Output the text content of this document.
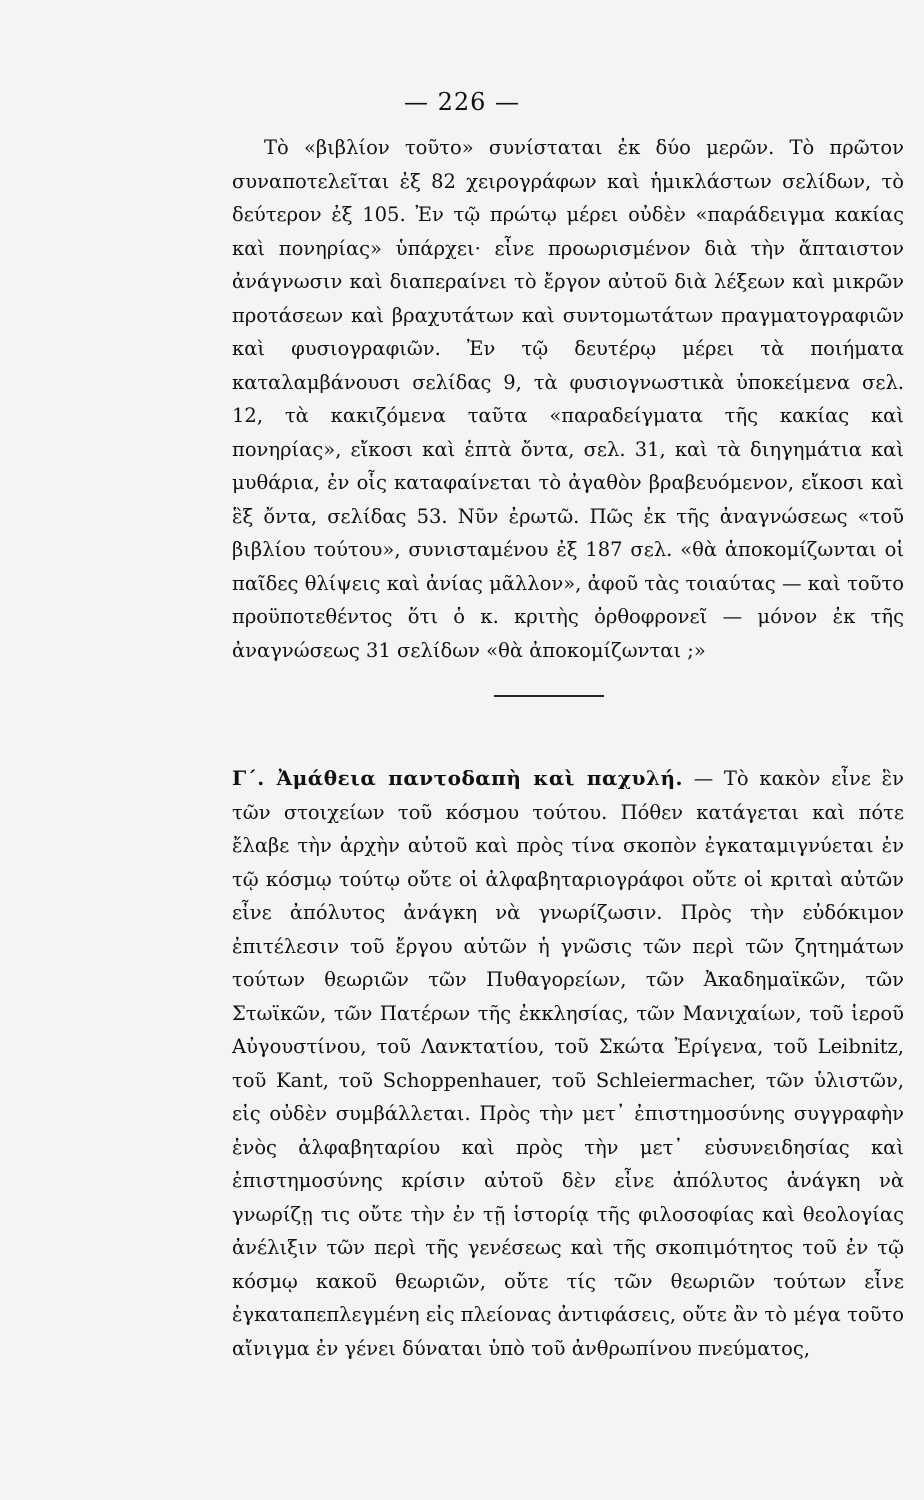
— 226 —

Τὸ «βιβλίον τοῦτο» συνίσταται ἐκ δύο μερῶν. Τὸ πρῶτον συναποτελεῖται ἐξ 82 χειρογράφων καὶ ἡμικλάστων σελίδων, τὸ δεύτερον ἐξ 105. Ἐν τῷ πρώτῳ μέρει οὐδὲν «παράδειγμα κακίας καὶ πονηρίας» ὑπάρχει· εἶνε προωρισμένον διὰ τὴν ἄπταιστον ἀνάγνωσιν καὶ διαπεραίνει τὸ ἔργον αὐτοῦ διὰ λέξεων καὶ μικρῶν προτάσεων καὶ βραχυτάτων καὶ συντομωτάτων πραγματογραφιῶν καὶ φυσιογραφιῶν. Ἐν τῷ δευτέρῳ μέρει τὰ ποιήματα καταλαμβάνουσι σελίδας 9, τὰ φυσιογνωστικὰ ὑποκείμενα σελ. 12, τὰ κακιζόμενα ταῦτα «παραδείγματα τῆς κακίας καὶ πονηρίας», εἴκοσι καὶ ἑπτὰ ὄντα, σελ. 31, καὶ τὰ διηγημάτια καὶ μυθάρια, ἐν οἷς καταφαίνεται τὸ ἀγαθὸν βραβευόμενον, εἴκοσι καὶ ἓξ ὄντα, σελίδας 53. Νῦν ἐρωτῶ. Πῶς ἐκ τῆς ἀναγνώσεως «τοῦ βιβλίου τούτου», συνισταμένου ἐξ 187 σελ. «θὰ ἀποκομίζωνται οἱ παῖδες θλίψεις καὶ ἀνίας μᾶλλον», ἀφοῦ τὰς τοιαύτας — καὶ τοῦτο προϋποτεθέντος ὅτι ὁ κ. κριτὴς ὀρθοφρονεῖ — μόνον ἐκ τῆς ἀναγνώσεως 31 σελίδων «θὰ ἀποκομίζωνται ;»

Γ΄. Ἀμάθεια παντοδαπὴ καὶ παχυλή. — Τὸ κακὸν εἶνε ἓν τῶν στοιχείων τοῦ κόσμου τούτου. Πόθεν κατάγεται καὶ πότε ἔλαβε τὴν ἀρχὴν αὐτοῦ καὶ πρὸς τίνα σκοπὸν ἐγκαταμιγνύεται ἐν τῷ κόσμῳ τούτῳ οὔτε οἱ ἀλφαβηταριογράφοι οὔτε οἱ κριταὶ αὐτῶν εἶνε ἀπόλυτος ἀνάγκη νὰ γνωρίζωσιν. Πρὸς τὴν εὐδόκιμον ἐπιτέλεσιν τοῦ ἔργου αὐτῶν ἡ γνῶσις τῶν περὶ τῶν ζητημάτων τούτων θεωριῶν τῶν Πυθαγορείων, τῶν Ἀκαδημαϊκῶν, τῶν Στωϊκῶν, τῶν Πατέρων τῆς ἐκκλησίας, τῶν Μανιχαίων, τοῦ ἱεροῦ Αὐγουστίνου, τοῦ Λανκτατίου, τοῦ Σκώτα Ἐρίγενα, τοῦ Leibnitz, τοῦ Kant, τοῦ Schoppenhauer, τοῦ Schleiermacher, τῶν ὑλιστῶν, εἰς οὐδὲν συμβάλλεται. Πρὸς τὴν μετ᾽ ἐπιστημοσύνης συγγραφὴν ἑνὸς ἀλφαβηταρίου καὶ πρὸς τὴν μετ᾽ εὐσυνειδησίας καὶ ἐπιστημοσύνης κρίσιν αὐτοῦ δὲν εἶνε ἀπόλυτος ἀνάγκη νὰ γνωρίζῃ τις οὔτε τὴν ἐν τῇ ἱστορίᾳ τῆς φιλοσοφίας καὶ θεολογίας ἀνέλιξιν τῶν περὶ τῆς γενέσεως καὶ τῆς σκοπιμότητος τοῦ ἐν τῷ κόσμῳ κακοῦ θεωριῶν, οὔτε τίς τῶν θεωριῶν τούτων εἶνε ἐγκαταπεπλεγμένη εἰς πλείονας ἀντιφάσεις, οὔτε ἂν τὸ μέγα τοῦτο αἴνιγμα ἐν γένει δύναται ὑπὸ τοῦ ἀνθρωπίνου πνεύματος,
